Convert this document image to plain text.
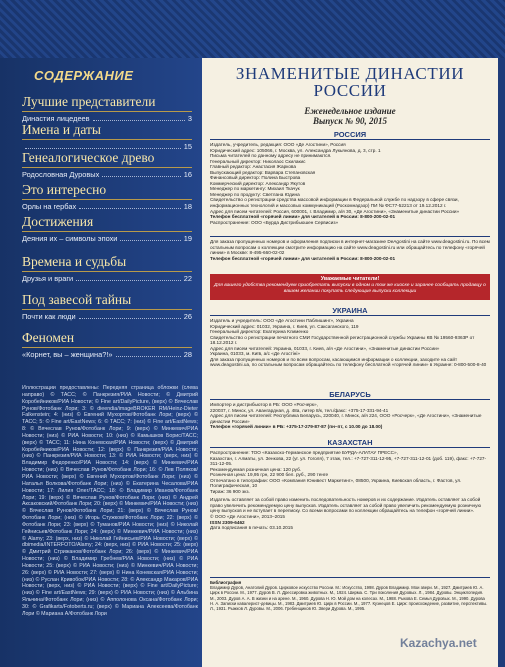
СОДЕРЖАНИЕ
Лучшие представители
Династия лицедеев	3
Имена и даты
15
Генеалогическое древо
Родословная Дуровых	16
Это интересно
Орлы на гербах	18
Достижения
Деяния их – символы эпохи	19
Времена и судьбы
Друзья и враги	22
Под завесой тайны
Почти как люди	26
Феномен
«Корнет, вы – женщина?!»	28
Иллюстрации предоставлены: Передняя страница обложки (слева направо) © ТАСС; © Панкрезия/РИА Новости; © Дмитрий Коробейников/РИА Новости; © Fine art/DailyPicture, (верх) © Вячеслав Рунов/Фотобанк Лори; 3: © dieendia/imageBROKER RM/Heinz-Dieter Falkenstein; 4: (низ) © Евгений Мухортов/Фотобанк Лори; (верх) © ТАСС; 5: © Fine art/EastNews; 6: © ТАСС; 7: (низ) © Fine art/EastNews; 8: © Вячеслав Рунов/Фотобанк Лори; 9: (верх) © Минкевич/РИА Новости; (низ) © РИА Новости; 10: (низ) © Камышков Борис/ТАСС; (верх) © ТАСС; 11: Нина Коневская/РИА Новости; (верх) © Дмитрий Коробейников/РИА Новости; 12: (верх) © Панкрезия/РИА Новости; (низ) © Панкрезия/РИА Новости; 13: © РИА Новости; (верх, низ) © Владимир Федоренко/РИА Новости; 14: (верх) © Минкевич/РИА Новости; (низ) © Вячеслав Рунов/Фотобанк Лори; 16: © Лев Поляков/РИА Новости; (верх) © Евгений Мухортов/Фотобанк Лори; (низ) © Наталья Волкова/Фотобанк Лори; (низ) © Екатерина Чесалова/РИА Новости; 17: Лилия Олег/ТАСС; 18: © Владимир Иванов/Фотобанк Лори; 19: (верх) © Вячеслав Рунов/Фотобанк Лори; (низ) © Андрей Аксаковский/Фотобанк Лори; 20: (верх) © Минкевич/РИА Новости; (низ) © Вячеслав Рунов/Фотобанк Лори; 21: (верх) © Вячеслав Рунов/Фотобанк Лори; (низ) © Игорь Стужков/Фотобанк Лори; 22: (верх) © Фотобанк Лори; 23: (верх) © Туманов/РИА Новости; (низ) © Николай Гейнисьев/Фотобанк Лори; 24: (верх) © Минкевич/РИА Новости; (низ) © Alamy; 23: (верх, низ) © Николай Гейнисьев/РИА Новости; (верх) © dbimedia/INTERFOTO/Alamy; 24: (верх, низ) © РИА Новости; 25: (верх) © Дмитрий Стрижанов/Фотобанк Лори; 26: (верх) © Минкевич/РИА Новости; (низ) © Владимир Гребнев/РИА Новости; (низ) © РИА Новости; 25: (верх) © РИА Новости; (низ) © Минкевич/РИА Новости; 26: (верх) © РИА Новости; 27: (верх) © Нина Коневская/РИА Новости; (низ) © Руслан Кривобок/РИА Новости; 28: © Александр Макаров/РИА Новости; (верх, низ) © РИА Новости; (верх) © Fine art/DailyPicture; (низ) © Fine art/EastNews; 29: (верх) © РИА Новости; (низ) © Альбина Яльчина/Фотобанк Лори; (низ) © Апполонова Оксана/Фотобанк Лори; 30: © Grafikarts/Fotoberts.ru; (верх) © Мариана Алексеева/Фотобанк Лори © Мариана А/Фотобанк Лори
ЗНАМЕНИТЫЕ ДИНАСТИИ
РОССИИ
Еженедельное издание
Выпуск № 90, 2015
РОССИЯ
Издатель, учредитель, редакция: ООО «Де Агостини», Россия
Юридический адрес: 105066, г. Москва, ул. Александра Лукьянова, д. 3, стр. 1
Письма читателей по данному адресу не принимаются.
Генеральный директор: Николаос Скилакис
Главный редактор: Анастасия Жаркова
Выпускающий редактор: Варвара Степановская
Финансовый директор: Полина Быстрова
Коммерческий директор: Александр Якутов
Менеджер по маркетингу: Михаил Ткачук
Менеджер по продукту: Светлана Юдина
Свидетельство о регистрации средства массовой информации в Федеральной службе по надзору в сфере связи, информационных технологий и массовых коммуникаций (Роскомнадзор) ПИ № ФС77-52213 от 19.12.2012 г.
Адрес для писем читателей: Россия, 600001, г. Владимир, а/я 30, «Де Агостини», «Знаменитые династии России»
Телефон бесплатной «горячей линии» для читателей в России: 8-800-200-02-01
Распространение: ООО «Бурда Дистрибьюшен Сервисиз»
Для заказа пропущенных номеров и оформления подписки в интернет-магазине DeAgostini на сайте www.deagostini.ru. По всем остальным вопросам о коллекции смотрите информацию на сайте www.deagostini.ru или обращайтесь по телефону «горячей линии» в Москве: 8-495-660-02-02
Телефон бесплатной «горячей линии» для читателей в России: 8-800-200-02-01
Уважаемые читатели!
Для вашего удобства рекомендуем приобретать выпуски в одном и том же киоске и заранее сообщать продавцу о вашем желании покупать следующие выпуски коллекции
УКРАИНА
Издатель и учредитель: ООО «Де Агостини Паблишинг», Украина
Юридический адрес: 01032, Украина, г. Киев, ул. Саксаганского, 119
Генеральный директор: Екатерина Клименко
Свидетельство о регистрации печатного СМИ Государственной регистрационной службы Украины КВ № 19560-9363Р от 18.12.2012 г.
Адрес для писем читателей: Украина, 01033, г. Киев, а/я «Де Агостини», «Знаменитые династии России»
Украина, 01033, м. Київ, а/с «Де Агостіні»
Для заказа пропущенных номеров и по всем вопросам, касающимся информации о коллекции, заходите на сайт www.deagostini.ua, по остальным вопросам обращайтесь по телефону бесплатной «горячей линии» в Украине: 0-800-500-8-40
БЕЛАРУСЬ
Импортер и дистрибьютор в РБ: ООО «Росчерк»,
220037, г. Минск, ул. Авангардная, д. 48а, литер 8/к, тел./факс: +375-17-331-94-41
Адрес для писем читателей: Республика Беларусь, 220040, г. Минск, а/я 224, ООО «Росчерк», «Де Агостини», «Знаменитые династии России»
Телефон «горячей линии» в РБ: +375-17-279-87-87 (пн–пт, с 10.00 до 18.00)
КАЗАХСТАН
Распространение: ТОО «Казахско-Германское предприятие БУРДА-АЛАТАУ ПРЕСС»,
Казахстан, г. Алматы, ул. Зенкова, 22 (уг. ул. Гоголя), 7 этаж, тел.: +7-727-311-12-95, +7-727-311-12-01 (доб. 119), факс: +7-727-311-12-05.
Рекомендуемая розничная цена: 120 руб.
Розничная цена: 19,95 грн, 22 900 бел. руб., 290 тенге
Отпечатано в типографии: ООО «Компания Юнивест Маркетинг», 08500, Украина, Киевская область, г. Фастов, ул. Полиграфическая, 10
Тираж: 36 900 экз.
Издатель оставляет за собой право изменить последовательность номеров и их содержание. Издатель оставляет за собой право увеличить рекомендуемую цену выпусков. Издатель оставляет за собой право увеличить рекомендуемую розничную цену выпусков и не вступает в переписку. Со всеми вопросами по коллекции обращайтесь на телефон «горячей линии».
© ООО «Де Агостини», 2013–2015
ISSN 2309-6462
Дата подписания в печать: 03.10.2015
Библиография
Владимир Дуров, Анатолий Дуров. Цирковое искусство России. М.: Искусство, 1998. Дуров Владимир. Мои звери. М., 1927. Дмитриев Ю. А. Цирк в России. М., 1977. Дуров В. Л. Дрессировка животных. М., 1924. Ширма. С. Три поколения Дуровых. Л., 1984. Дуровы. Энциклопедия. М., 2003. Дуров А. А. В жизни и на арене. М., 1960. Дурова Н. Ю. Мой дом на колесах. М., 1988. Рыкова Е. Семья Дуровых. М., 1990. Дурова Н. А. Записки кавалерист-девицы. М., 1983. Дмитриев Ю. Цирк в России. М., 1977. Кузнецов Е. Цирк: происхождение, развитие, перспективы. Л., 1931. Рыжков Л. Дуровы. М., 2006. Гребенщиков Ю. Звери Дурова. М., 1995.
Kazachya.net
